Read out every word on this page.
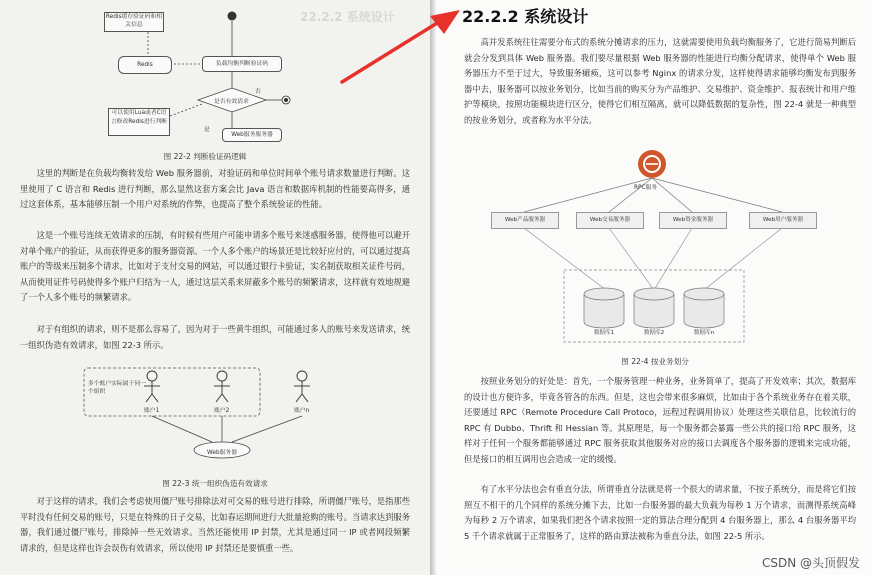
22.2.2 系统设计
Redis缓存验证码和相关信息
Redis	负载均衡判断验证码
是否有效请求
否
是
可以使用Lua或者C语言修改Redis进行判断
Web服务服务器
图 22-2 判断验证码逻辑

这里的判断是在负载均衡转发给 Web 服务器前，对验证码和单位时间单个账号请求数量进行判断。这里使用了 C 语言和 Redis 进行判断，那么显然这套方案会比 Java 语言和数据库机制的性能要高得多，通过这套体系，基本能够压制一个用户对系统的作弊，也提高了整个系统验证的性能。

这是一个账号连续无效请求的压制，有时候有些用户可能申请多个账号来迷惑服务器，使得他可以避开对单个账户的验证，从而获得更多的服务器资源。一个人多个账户的场景还是比较好应付的，可以通过提高账户的等级来压制多个请求，比如对于支付交易的网站，可以通过银行卡验证，实名制获取相关证件号码，从而使用证件号码使得多个账户归结为一人，通过这层关系来屏蔽多个账号的频繁请求，这样就有效地规避了一个人多个账号的频繁请求。

对于有组织的请求，则不是那么容易了，因为对于一些黄牛组织，可能通过多人的账号来发送请求，统一组织伪造有效请求，如图 22-3 所示。

多个账户实际属于同一个组织
账户1	账户2	账户n
Web服务器
图 22-3 统一组织伪造有效请求

对于这样的请求，我们会考虑使用僵尸账号排除法对可交易的账号进行排除，所谓僵尸账号，是指那些平时没有任何交易的账号，只是在特殊的日子交易，比如春运期间进行大批量抢购的账号。当请求达到服务器，我们通过僵尸账号，排除掉一些无效请求。当然还能使用 IP 封禁，尤其是通过同一 IP 或者网段频繁请求的，但是这样也许会误伤有效请求，所以使用 IP 封禁还是要慎重一些。

22.2.2 系统设计

高并发系统往往需要分布式的系统分摊请求的压力，这就需要使用负载均衡服务了，它进行简易判断后就会分发到具体 Web 服务器。我们要尽量根据 Web 服务器的性能进行均衡分配请求，使得单个 Web 服务器压力不至于过大，导致服务瘫痪，这可以参考 Nginx 的请求分发，这样使得请求能够均衡发布到服务器中去，服务器可以按业务划分，比如当前的购买分为产品维护、交易维护、资金维护、报表统计和用户维护等模块，按照功能模块进行区分，使得它们相互隔离，就可以降低数据的复杂性，图 22-4 就是一种典型的按业务划分，或者称为水平分法。

RPC服务
Web产品服务器	Web交易服务器	Web资金服务器	Web用户服务器
数据库1	数据库2	数据库n
图 22-4 按业务划分

按照业务划分的好处是：首先，一个服务管理一种业务，业务简单了，提高了开发效率；其次，数据库的设计也方便许多，毕竟各管各的东西。但是，这也会带来很多麻烦，比如由于各个系统业务存在着关联，还要通过 RPC（Remote Procedure Call Protoco，远程过程调用协议）处理这些关联信息，比较流行的 RPC 有 Dubbo、Thrift 和 Hessian 等。其原理是，每一个服务都会暴露一些公共的接口给 RPC 服务，这样对于任何一个服务都能够通过 RPC 服务获取其他服务对应的接口去调度各个服务器的逻辑来完成功能，但是接口的相互调用也会造成一定的缓慢。

有了水平分法也会有垂直分法，所谓垂直分法就是将一个很大的请求量，不按子系统分，而是将它们按照互不相干的几个同样的系统分摊下去，比如一台服务器的最大负载为每秒 1 万个请求，而测得系统高峰为每秒 2 万个请求，如果我们把各个请求按照一定的算法合理分配到 4 台服务器上，那么 4 台服务器平均 5 千个请求就属于正常服务了，这样的路由算法被称为垂直分法，如图 22-5 所示。

CSDN @头顶假发
